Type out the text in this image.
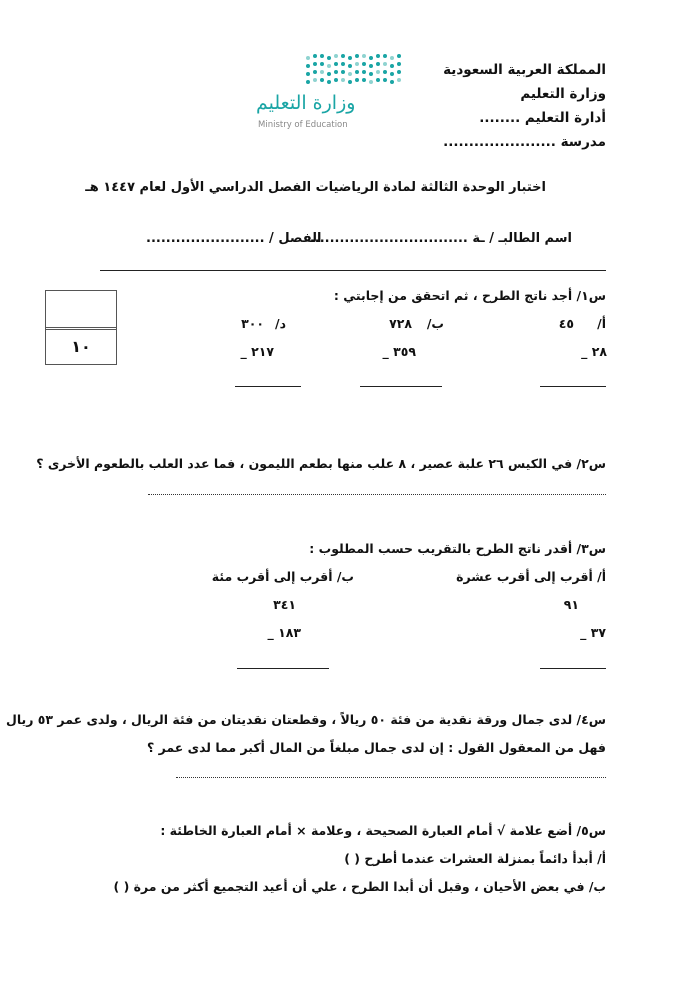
المملكة العربية السعودية
وزارة التعليم
أدارة التعليم ........
مدرسة ......................
وزارة التعليم
Ministry of Education
اختبار الوحدة الثالثة لمادة الرياضيات الفصل الدراسي الأول لعام ١٤٤٧ هـ
اسم الطالبـ / ـة ................................
الفصل / ........................
١٠
س١/ أجد ناتج الطرح ، ثم اتحقق من إجابتي :
أ/
٤٥
٢٨ _
ب/
٧٢٨
٣٥٩ _
د/
٣٠٠
٢١٧ _
س٢/ في الكيس ٢٦ علبة عصير ، ٨ علب منها بطعم الليمون ، فما عدد العلب بالطعوم الأخرى ؟
س٣/ أقدر ناتج الطرح بالتقريب حسب المطلوب :
أ/ أقرب إلى أقرب عشرة
٩١
٣٧ _
ب/ أقرب إلى أقرب مئة
٣٤١
١٨٣ _
س٤/ لدى جمال ورقة نقدية من فئة ٥٠ ريالاً ، وقطعتان نقديتان من فئة الريال ، ولدى عمر ٥٣ ريال
فهل من المعقول القول : إن لدى جمال مبلغاً من المال أكبر مما لدى عمر ؟
س٥/ أضع علامة √ أمام العبارة الصحيحة ، وعلامة × أمام العبارة الخاطئة :
أ/ أبدأ دائماً بمنزلة العشرات عندما أطرح ( )
ب/ في بعض الأحيان ، وقبل أن أبدا الطرح ، علي أن أعيد التجميع أكثر من مرة ( )
